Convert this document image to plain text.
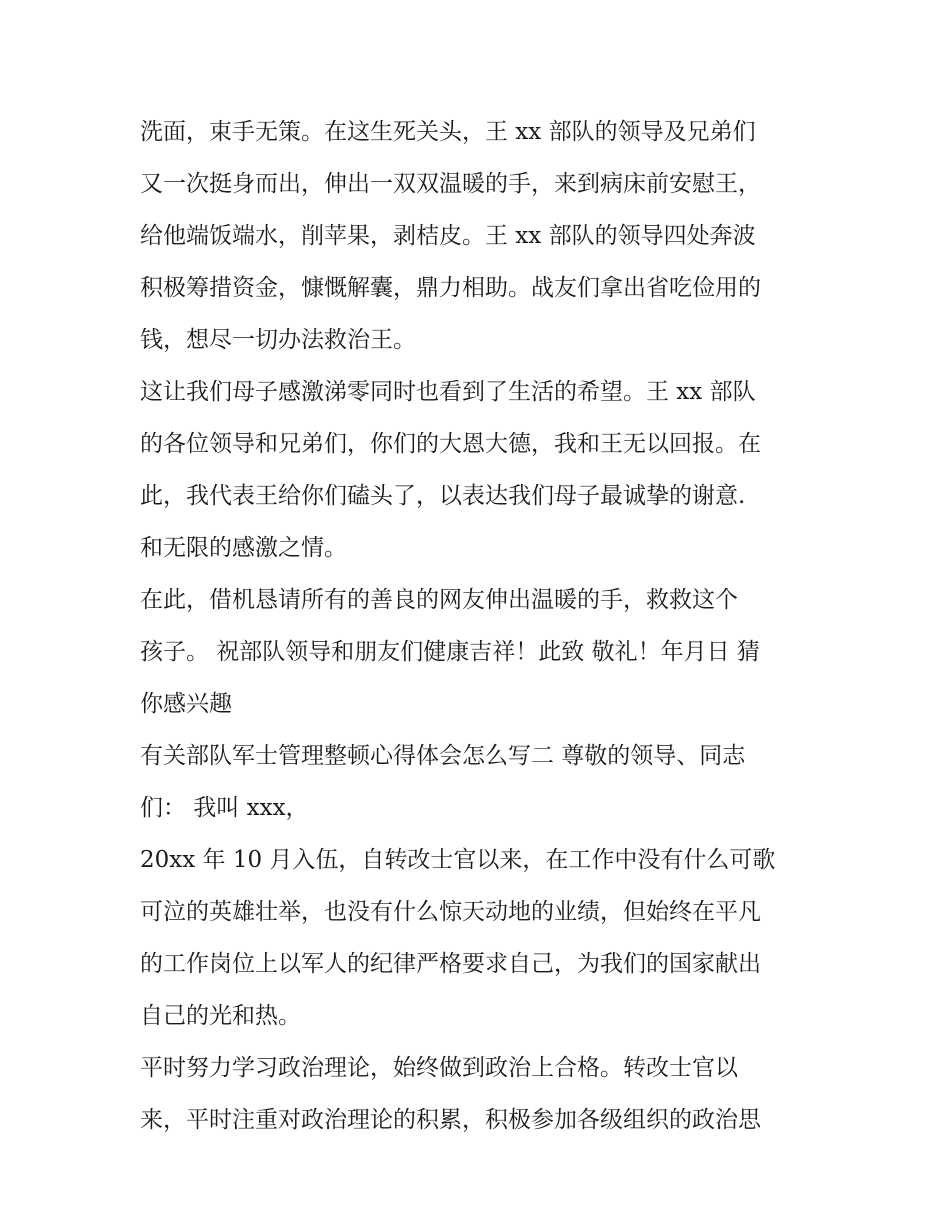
洗面，束手无策。在这生死关头，王 xx 部队的领导及兄弟们
又一次挺身而出，伸出一双双温暖的手，来到病床前安慰王，
给他端饭端水，削苹果，剥桔皮。王 xx 部队的领导四处奔波
积极筹措资金，慷慨解囊，鼎力相助。战友们拿出省吃俭用的
钱，想尽一切办法救治王。
这让我们母子感激涕零同时也看到了生活的希望。王 xx 部队
的各位领导和兄弟们，你们的大恩大德，我和王无以回报。在
此，我代表王给你们磕头了，以表达我们母子最诚挚的谢意.
和无限的感激之情。
在此，借机恳请所有的善良的网友伸出温暖的手，救救这个
孩子。 祝部队领导和朋友们健康吉祥！此致 敬礼！年月日 猜
你感兴趣
有关部队军士管理整顿心得体会怎么写二 尊敬的领导、同志
们： 我叫 xxx，
20xx 年 10 月入伍，自转改士官以来，在工作中没有什么可歌
可泣的英雄壮举，也没有什么惊天动地的业绩，但始终在平凡
的工作岗位上以军人的纪律严格要求自己，为我们的国家献出
自己的光和热。
平时努力学习政治理论，始终做到政治上合格。转改士官以
来，平时注重对政治理论的积累，积极参加各级组织的政治思
